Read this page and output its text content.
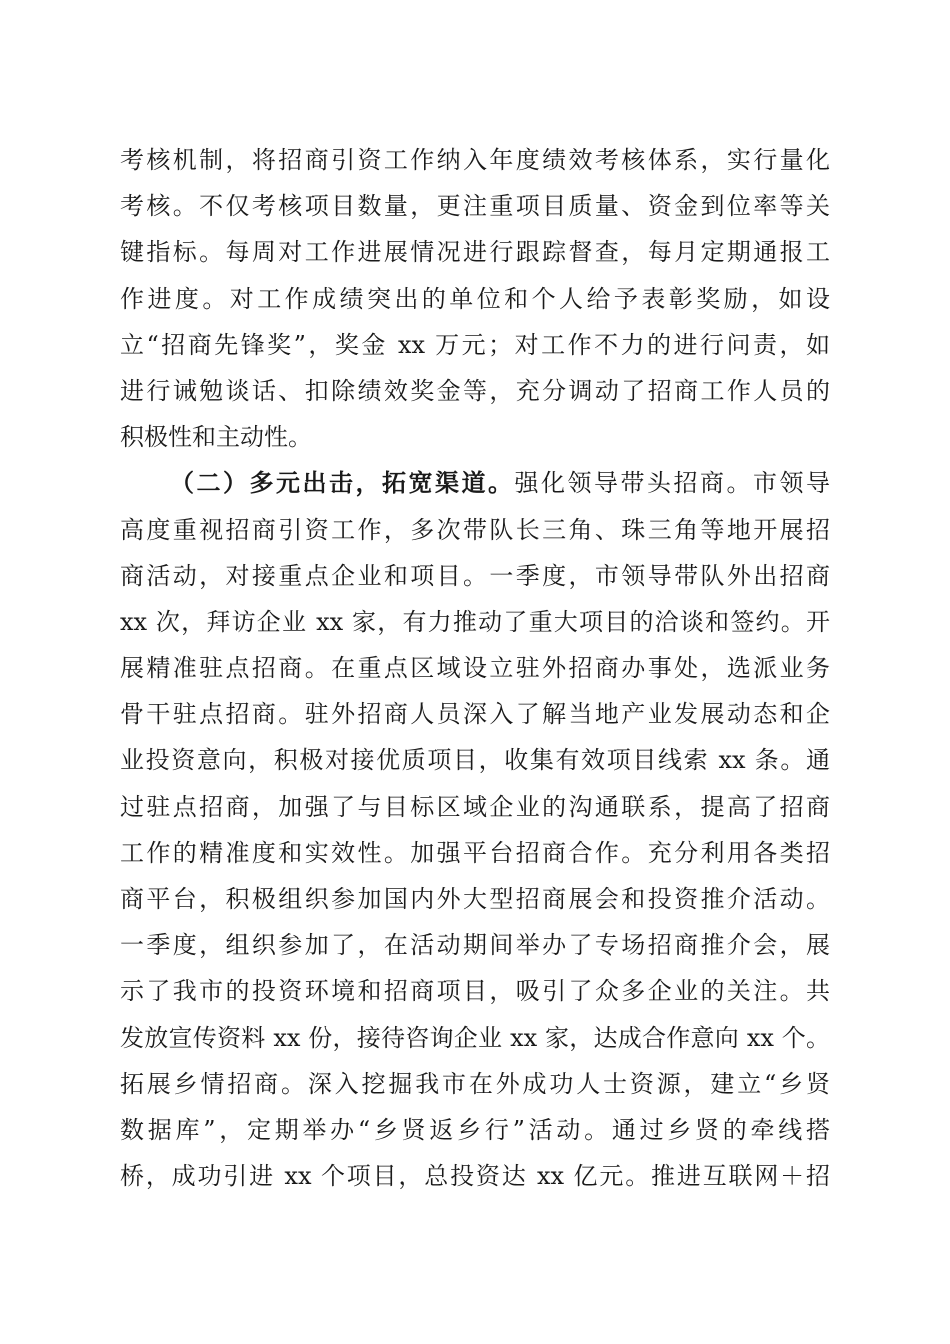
考核机制，将招商引资工作纳入年度绩效考核体系，实行量化
考核。不仅考核项目数量，更注重项目质量、资金到位率等关
键指标。每周对工作进展情况进行跟踪督查，每月定期通报工
作进度。对工作成绩突出的单位和个人给予表彰奖励，如设
立“招商先锋奖”，奖金 xx 万元；对工作不力的进行问责，如
进行诫勉谈话、扣除绩效奖金等，充分调动了招商工作人员的
积极性和主动性。
（二）多元出击，拓宽渠道。强化领导带头招商。市领导
高度重视招商引资工作，多次带队长三角、珠三角等地开展招
商活动，对接重点企业和项目。一季度，市领导带队外出招商
xx 次，拜访企业 xx 家，有力推动了重大项目的洽谈和签约。开
展精准驻点招商。在重点区域设立驻外招商办事处，选派业务
骨干驻点招商。驻外招商人员深入了解当地产业发展动态和企
业投资意向，积极对接优质项目，收集有效项目线索 xx 条。通
过驻点招商，加强了与目标区域企业的沟通联系，提高了招商
工作的精准度和实效性。加强平台招商合作。充分利用各类招
商平台，积极组织参加国内外大型招商展会和投资推介活动。
一季度，组织参加了，在活动期间举办了专场招商推介会，展
示了我市的投资环境和招商项目，吸引了众多企业的关注。共
发放宣传资料 xx 份，接待咨询企业 xx 家，达成合作意向 xx 个。
拓展乡情招商。深入挖掘我市在外成功人士资源，建立“乡贤
数据库”，定期举办“乡贤返乡行”活动。通过乡贤的牵线搭
桥，成功引进 xx 个项目，总投资达 xx 亿元。推进互联网＋招
